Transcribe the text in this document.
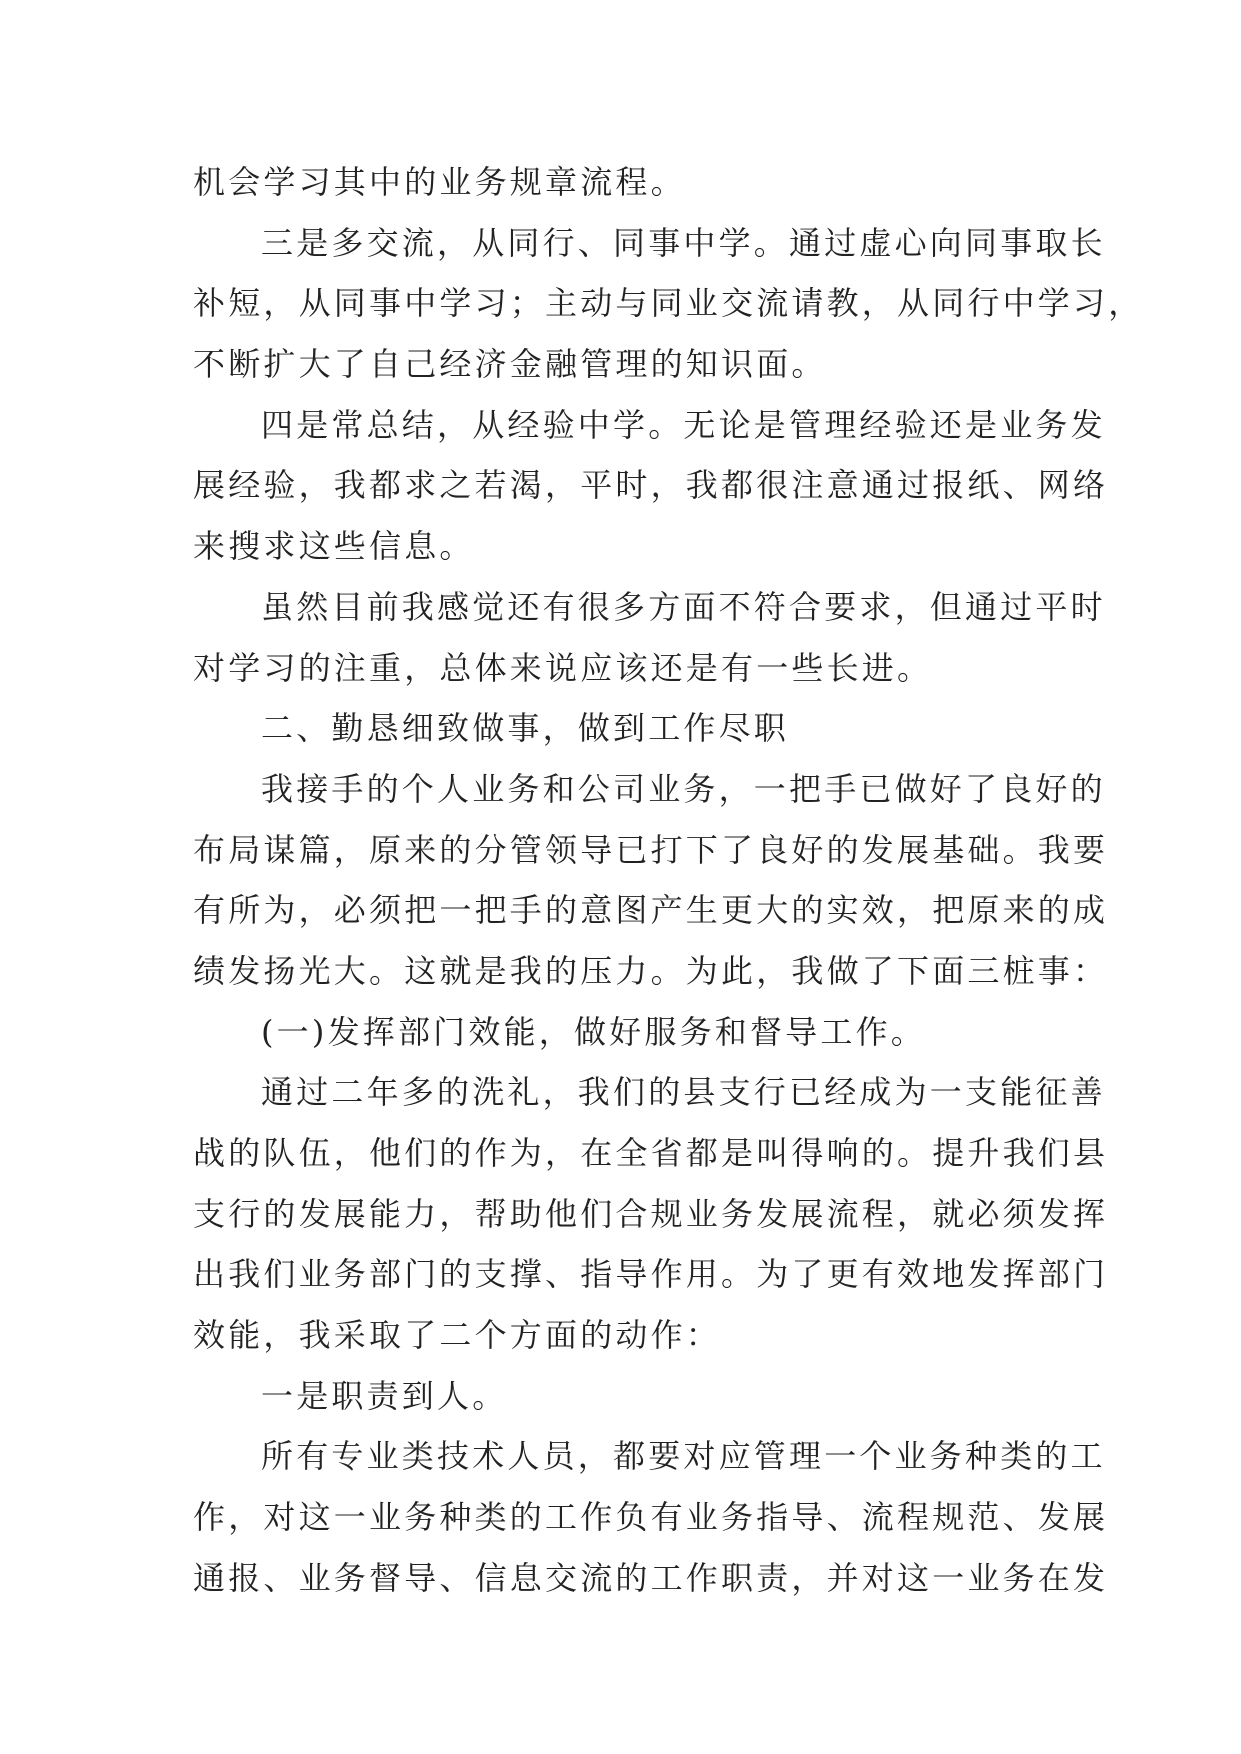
机会学习其中的业务规章流程。
三是多交流，从同行、同事中学。通过虚心向同事取长
补短，从同事中学习；主动与同业交流请教，从同行中学习，
不断扩大了自己经济金融管理的知识面。
四是常总结，从经验中学。无论是管理经验还是业务发
展经验，我都求之若渴，平时，我都很注意通过报纸、网络
来搜求这些信息。
虽然目前我感觉还有很多方面不符合要求，但通过平时
对学习的注重，总体来说应该还是有一些长进。
二、勤恳细致做事，做到工作尽职
我接手的个人业务和公司业务，一把手已做好了良好的
布局谋篇，原来的分管领导已打下了良好的发展基础。我要
有所为，必须把一把手的意图产生更大的实效，把原来的成
绩发扬光大。这就是我的压力。为此，我做了下面三桩事：
(一)发挥部门效能，做好服务和督导工作。
通过二年多的洗礼，我们的县支行已经成为一支能征善
战的队伍，他们的作为，在全省都是叫得响的。提升我们县
支行的发展能力，帮助他们合规业务发展流程，就必须发挥
出我们业务部门的支撑、指导作用。为了更有效地发挥部门
效能，我采取了二个方面的动作：
一是职责到人。
所有专业类技术人员，都要对应管理一个业务种类的工
作，对这一业务种类的工作负有业务指导、流程规范、发展
通报、业务督导、信息交流的工作职责，并对这一业务在发
